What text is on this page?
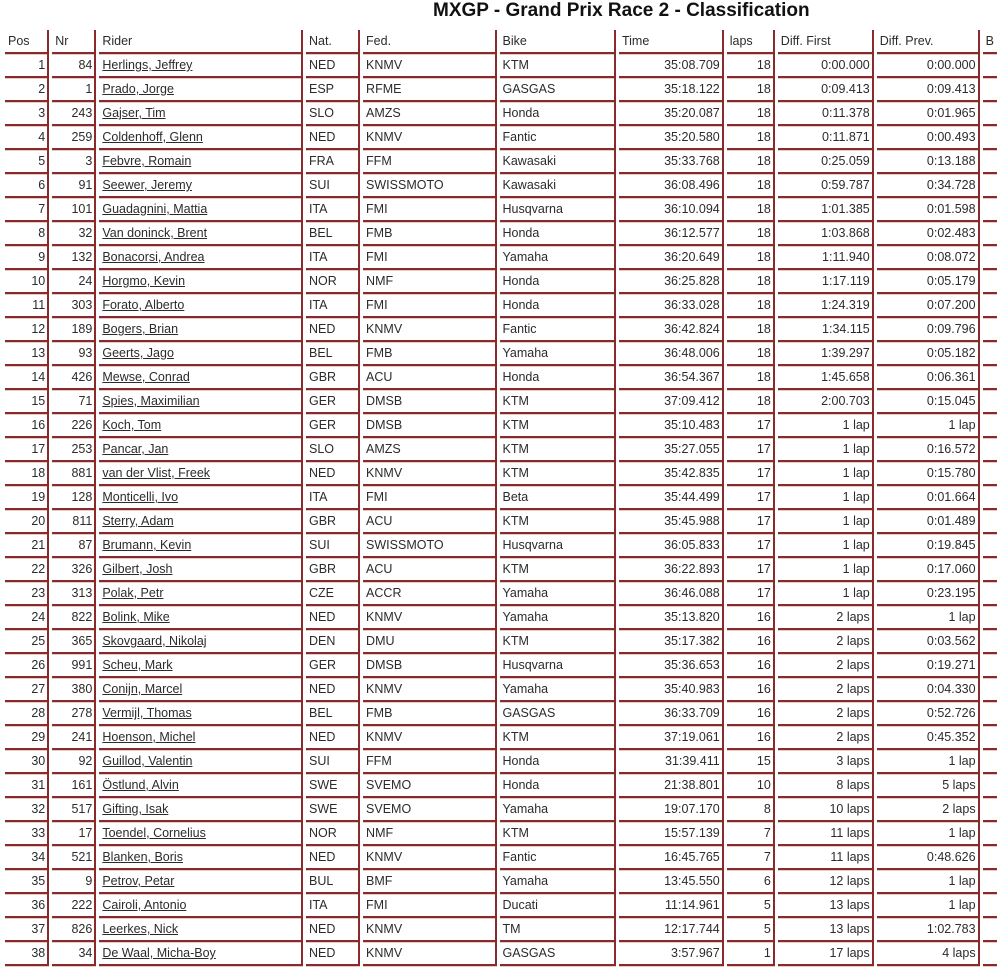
MXGP - Grand Prix Race 2 - Classification
Pos	Nr	Rider	Nat.	Fed.	Bike	Time	laps	Diff. First	Diff. Prev.	B
1	84	Herlings, Jeffrey	NED	KNMV	KTM	35:08.709	18	0:00.000	0:00.000	
2	1	Prado, Jorge	ESP	RFME	GASGAS	35:18.122	18	0:09.413	0:09.413	
3	243	Gajser, Tim	SLO	AMZS	Honda	35:20.087	18	0:11.378	0:01.965	
4	259	Coldenhoff, Glenn	NED	KNMV	Fantic	35:20.580	18	0:11.871	0:00.493	
5	3	Febvre, Romain	FRA	FFM	Kawasaki	35:33.768	18	0:25.059	0:13.188	
6	91	Seewer, Jeremy	SUI	SWISSMOTO	Kawasaki	36:08.496	18	0:59.787	0:34.728	
7	101	Guadagnini, Mattia	ITA	FMI	Husqvarna	36:10.094	18	1:01.385	0:01.598	
8	32	Van doninck, Brent	BEL	FMB	Honda	36:12.577	18	1:03.868	0:02.483	
9	132	Bonacorsi, Andrea	ITA	FMI	Yamaha	36:20.649	18	1:11.940	0:08.072	
10	24	Horgmo, Kevin	NOR	NMF	Honda	36:25.828	18	1:17.119	0:05.179	
11	303	Forato, Alberto	ITA	FMI	Honda	36:33.028	18	1:24.319	0:07.200	
12	189	Bogers, Brian	NED	KNMV	Fantic	36:42.824	18	1:34.115	0:09.796	
13	93	Geerts, Jago	BEL	FMB	Yamaha	36:48.006	18	1:39.297	0:05.182	
14	426	Mewse, Conrad	GBR	ACU	Honda	36:54.367	18	1:45.658	0:06.361	
15	71	Spies, Maximilian	GER	DMSB	KTM	37:09.412	18	2:00.703	0:15.045	
16	226	Koch, Tom	GER	DMSB	KTM	35:10.483	17	1 lap	1 lap	
17	253	Pancar, Jan	SLO	AMZS	KTM	35:27.055	17	1 lap	0:16.572	
18	881	van der Vlist, Freek	NED	KNMV	KTM	35:42.835	17	1 lap	0:15.780	
19	128	Monticelli, Ivo	ITA	FMI	Beta	35:44.499	17	1 lap	0:01.664	
20	811	Sterry, Adam	GBR	ACU	KTM	35:45.988	17	1 lap	0:01.489	
21	87	Brumann, Kevin	SUI	SWISSMOTO	Husqvarna	36:05.833	17	1 lap	0:19.845	
22	326	Gilbert, Josh	GBR	ACU	KTM	36:22.893	17	1 lap	0:17.060	
23	313	Polak, Petr	CZE	ACCR	Yamaha	36:46.088	17	1 lap	0:23.195	
24	822	Bolink, Mike	NED	KNMV	Yamaha	35:13.820	16	2 laps	1 lap	
25	365	Skovgaard, Nikolaj	DEN	DMU	KTM	35:17.382	16	2 laps	0:03.562	
26	991	Scheu, Mark	GER	DMSB	Husqvarna	35:36.653	16	2 laps	0:19.271	
27	380	Conijn, Marcel	NED	KNMV	Yamaha	35:40.983	16	2 laps	0:04.330	
28	278	Vermijl, Thomas	BEL	FMB	GASGAS	36:33.709	16	2 laps	0:52.726	
29	241	Hoenson, Michel	NED	KNMV	KTM	37:19.061	16	2 laps	0:45.352	
30	92	Guillod, Valentin	SUI	FFM	Honda	31:39.411	15	3 laps	1 lap	
31	161	Östlund, Alvin	SWE	SVEMO	Honda	21:38.801	10	8 laps	5 laps	
32	517	Gifting, Isak	SWE	SVEMO	Yamaha	19:07.170	8	10 laps	2 laps	
33	17	Toendel, Cornelius	NOR	NMF	KTM	15:57.139	7	11 laps	1 lap	
34	521	Blanken, Boris	NED	KNMV	Fantic	16:45.765	7	11 laps	0:48.626	
35	9	Petrov, Petar	BUL	BMF	Yamaha	13:45.550	6	12 laps	1 lap	
36	222	Cairoli, Antonio	ITA	FMI	Ducati	11:14.961	5	13 laps	1 lap	
37	826	Leerkes, Nick	NED	KNMV	TM	12:17.744	5	13 laps	1:02.783	
38	34	De Waal, Micha-Boy	NED	KNMV	GASGAS	3:57.967	1	17 laps	4 laps	
